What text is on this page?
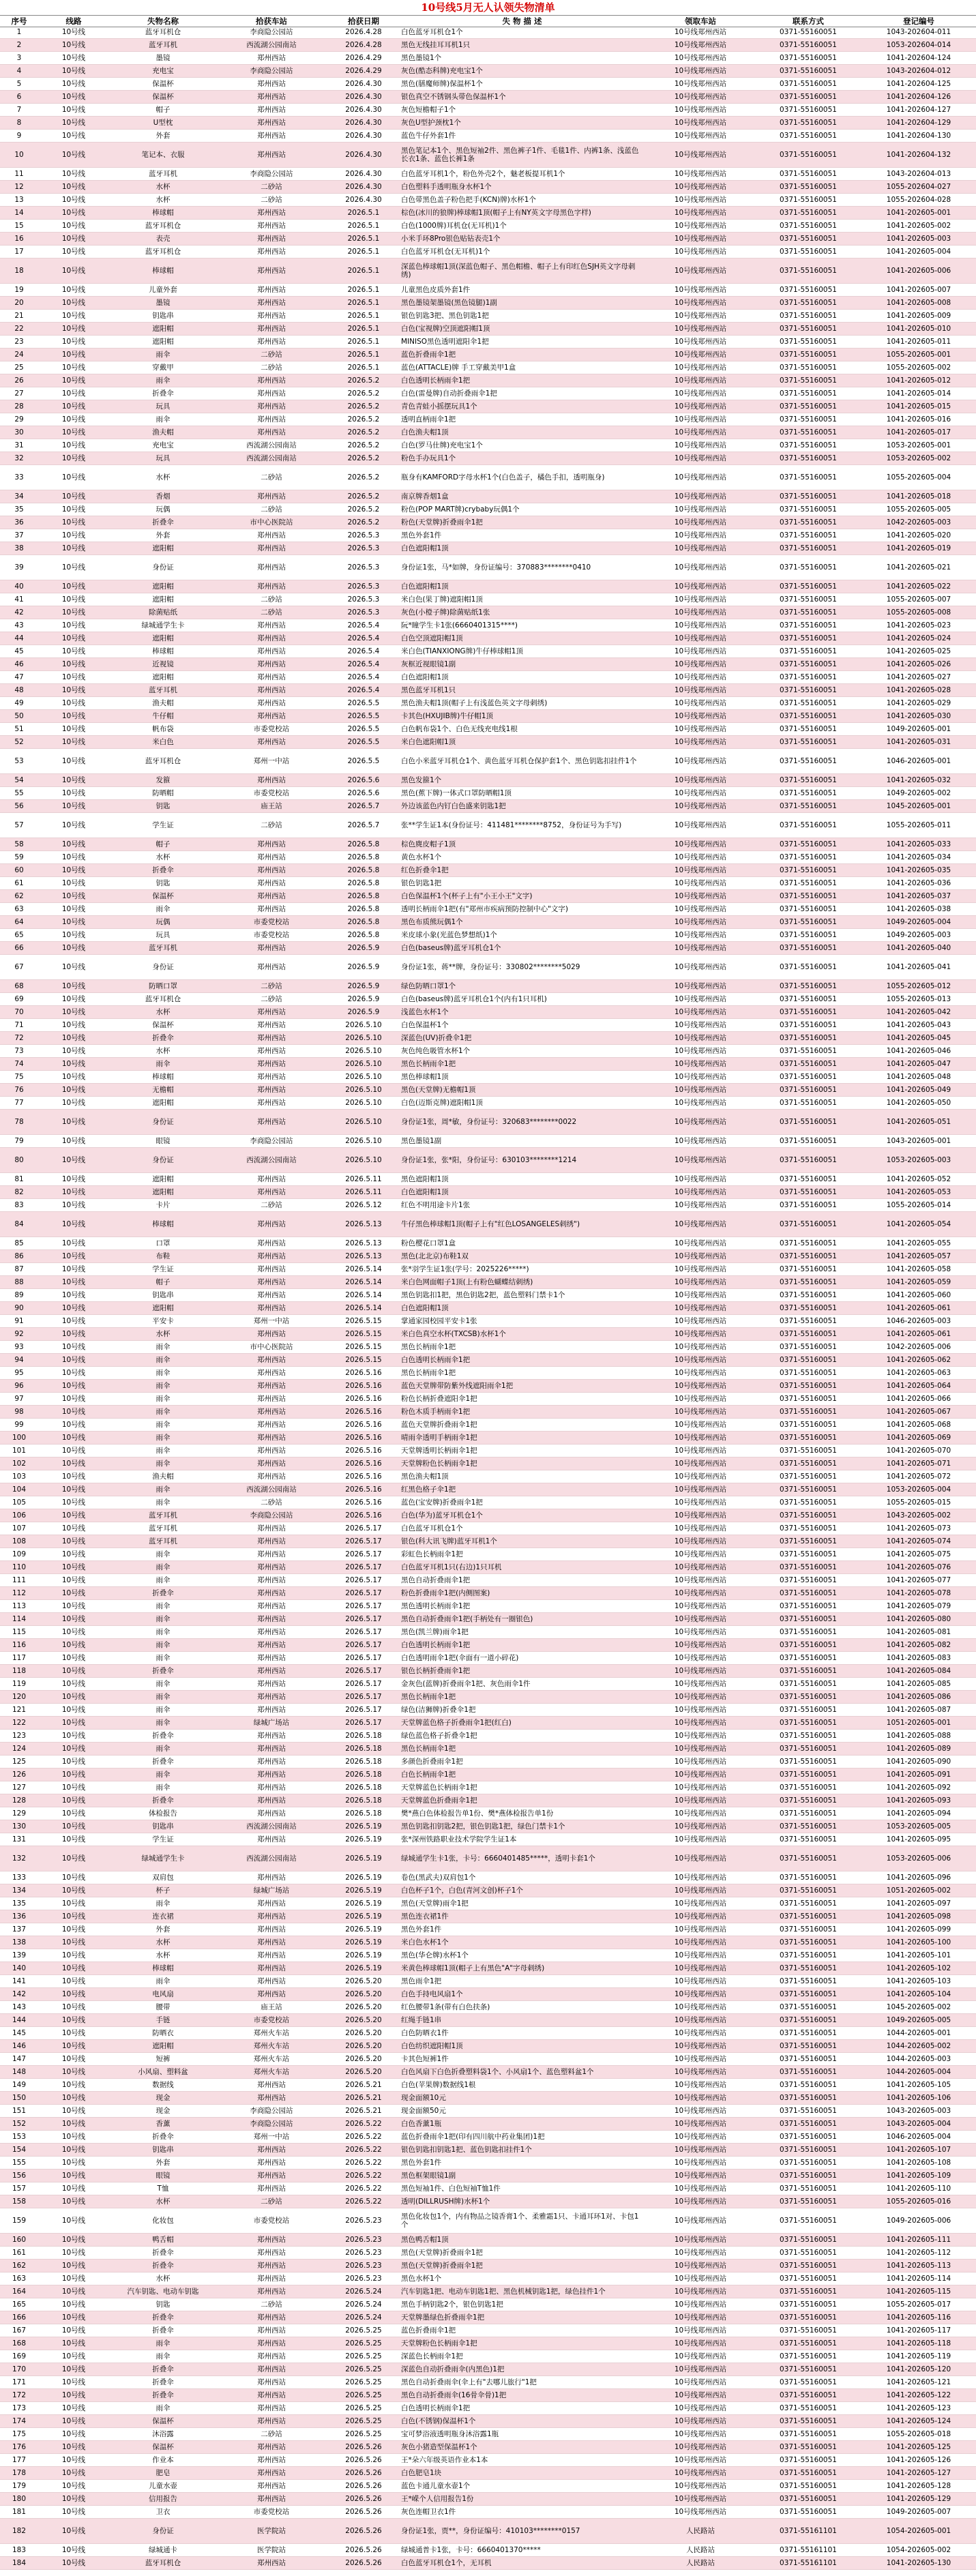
10号线5月无人认领失物清单
序号	线路	失物名称	拾获车站	拾获日期	失 物 描 述	领取车站	联系方式	登记编号
1	10号线	蓝牙耳机仓	李商隐公园站	2026.4.28	白色蓝牙耳机仓1个	10号线郑州西站	0371-55160051	1043-202604-011
2	10号线	蓝牙耳机	西流湖公园南站	2026.4.28	黑色无线挂耳耳机1只	10号线郑州西站	0371-55160051	1053-202604-014
3	10号线	墨镜	郑州西站	2026.4.29	黑色墨镜1个	10号线郑州西站	0371-55160051	1041-202604-124
4	10号线	充电宝	李商隐公园站	2026.4.29	灰色(酷态科牌)充电宝1个	10号线郑州西站	0371-55160051	1043-202604-012
5	10号线	保温杯	郑州西站	2026.4.30	黑色(膳魔师牌)保温杯1个	10号线郑州西站	0371-55160051	1041-202604-125
6	10号线	保温杯	郑州西站	2026.4.30	银色真空不锈钢头带色保温杯1个	10号线郑州西站	0371-55160051	1041-202604-126
7	10号线	帽子	郑州西站	2026.4.30	灰色短檐帽子1个	10号线郑州西站	0371-55160051	1041-202604-127
8	10号线	U型枕	郑州西站	2026.4.30	灰色U型护颈枕1个	10号线郑州西站	0371-55160051	1041-202604-129
9	10号线	外套	郑州西站	2026.4.30	蓝色牛仔外套1件	10号线郑州西站	0371-55160051	1041-202604-130
10	10号线	笔记本、衣服	郑州西站	2026.4.30	黑色笔记本1个、黑色短袖2件、黑色裤子1件、毛毯1件、内裤1条、浅蓝色长衣1条、蓝色长裤1条	10号线郑州西站	0371-55160051	1041-202604-132
11	10号线	蓝牙耳机	李商隐公园站	2026.4.30	白色蓝牙耳机1个，粉色外壳2个，魅老板提耳机1个	10号线郑州西站	0371-55160051	1043-202604-013
12	10号线	水杯	二砂站	2026.4.30	白色塑料手透明瓶身水杯1个	10号线郑州西站	0371-55160051	1055-202604-027
13	10号线	水杯	二砂站	2026.4.30	白色带黑色盖子粉色把手(KCN)牌)水杯1个	10号线郑州西站	0371-55160051	1055-202604-028
14	10号线	棒球帽	郑州西站	2026.5.1	棕色(冰川的狼牌)棒球帽1顶(帽子上有NY英文字母黑色字样)	10号线郑州西站	0371-55160051	1041-202605-001
15	10号线	蓝牙耳机仓	郑州西站	2026.5.1	白色(1000牌)耳机仓(无耳机)1个	10号线郑州西站	0371-55160051	1041-202605-002
16	10号线	表壳	郑州西站	2026.5.1	小米手环8Pro银色贴钻表壳1个	10号线郑州西站	0371-55160051	1041-202605-003
17	10号线	蓝牙耳机仓	郑州西站	2026.5.1	白色蓝牙耳机仓(无耳机)1个	10号线郑州西站	0371-55160051	1041-202605-004
18	10号线	棒球帽	郑州西站	2026.5.1	深蓝色棒球帽1顶(深蓝色帽子、黑色帽檐、帽子上有印红色SJH英文字母刺绣)	10号线郑州西站	0371-55160051	1041-202605-006
19	10号线	儿童外套	郑州西站	2026.5.1	儿童黑色皮质外套1件	10号线郑州西站	0371-55160051	1041-202605-007
20	10号线	墨镜	郑州西站	2026.5.1	黑色墨镜架墨镜(黑色镜腿)1副	10号线郑州西站	0371-55160051	1041-202605-008
21	10号线	钥匙串	郑州西站	2026.5.1	银色钥匙3把、黑色钥匙1把	10号线郑州西站	0371-55160051	1041-202605-009
22	10号线	遮阳帽	郑州西站	2026.5.1	白色(宝视牌)空顶遮阳帽1顶	10号线郑州西站	0371-55160051	1041-202605-010
23	10号线	遮阳帽	郑州西站	2026.5.1	MINISO黑色透明遮阳伞1把	10号线郑州西站	0371-55160051	1041-202605-011
24	10号线	雨伞	二砂站	2026.5.1	蓝色折叠雨伞1把	10号线郑州西站	0371-55160051	1055-202605-001
25	10号线	穿戴甲	二砂站	2026.5.1	蓝色(ATTACLE)牌 手工穿戴美甲1盒	10号线郑州西站	0371-55160051	1055-202605-002
26	10号线	雨伞	郑州西站	2026.5.2	白色透明长柄雨伞1把	10号线郑州西站	0371-55160051	1041-202605-012
27	10号线	折叠伞	郑州西站	2026.5.2	白色(雷曼牌)自动折叠雨伞1把	10号线郑州西站	0371-55160051	1041-202605-014
28	10号线	玩具	郑州西站	2026.5.2	青色青蛙小摇摆玩具1个	10号线郑州西站	0371-55160051	1041-202605-015
29	10号线	雨伞	郑州西站	2026.5.2	透明直柄雨伞1把	10号线郑州西站	0371-55160051	1041-202605-016
30	10号线	渔夫帽	郑州西站	2026.5.2	白色渔夫帽1顶	10号线郑州西站	0371-55160051	1041-202605-017
31	10号线	充电宝	西流湖公园南站	2026.5.2	白色(罗马仕牌)充电宝1个	10号线郑州西站	0371-55160051	1053-202605-001
32	10号线	玩具	西流湖公园南站	2026.5.2	粉色手办玩具1个	10号线郑州西站	0371-55160051	1053-202605-002
33	10号线	水杯	二砂站	2026.5.2	瓶身有KAMFORD字母水杯1个(白色盖子，橘色手扣，透明瓶身)	10号线郑州西站	0371-55160051	1055-202605-004
34	10号线	香烟	郑州西站	2026.5.2	南京牌香烟1盒	10号线郑州西站	0371-55160051	1041-202605-018
35	10号线	玩偶	二砂站	2026.5.2	粉色(POP MART牌)crybaby玩偶1个	10号线郑州西站	0371-55160051	1055-202605-005
36	10号线	折叠伞	市中心医院站	2026.5.2	粉色(天堂牌)折叠雨伞1把	10号线郑州西站	0371-55160051	1042-202605-003
37	10号线	外套	郑州西站	2026.5.3	黑色外套1件	10号线郑州西站	0371-55160051	1041-202605-020
38	10号线	遮阳帽	郑州西站	2026.5.3	白色遮阳帽1顶	10号线郑州西站	0371-55160051	1041-202605-019
39	10号线	身份证	郑州西站	2026.5.3	身份证1张，马*如牌，身份证编号：370883********0410	10号线郑州西站	0371-55160051	1041-202605-021
40	10号线	遮阳帽	郑州西站	2026.5.3	白色遮阳帽1顶	10号线郑州西站	0371-55160051	1041-202605-022
41	10号线	遮阳帽	二砂站	2026.5.3	米白色(果丁牌)遮阳帽1顶	10号线郑州西站	0371-55160051	1055-202605-007
42	10号线	除菌贴纸	二砂站	2026.5.3	灰色(小橙子牌)除菌贴纸1张	10号线郑州西站	0371-55160051	1055-202605-008
43	10号线	绿城通学生卡	郑州西站	2026.5.4	阮*瞳学生卡1张(6660401315****)	10号线郑州西站	0371-55160051	1041-202605-023
44	10号线	遮阳帽	郑州西站	2026.5.4	白色空顶遮阳帽1顶	10号线郑州西站	0371-55160051	1041-202605-024
45	10号线	棒球帽	郑州西站	2026.5.4	米白色(TIANXIONG牌)牛仔棒球帽1顶	10号线郑州西站	0371-55160051	1041-202605-025
46	10号线	近视镜	郑州西站	2026.5.4	灰框近视眼镜1副	10号线郑州西站	0371-55160051	1041-202605-026
47	10号线	遮阳帽	郑州西站	2026.5.4	白色遮阳帽1顶	10号线郑州西站	0371-55160051	1041-202605-027
48	10号线	蓝牙耳机	郑州西站	2026.5.4	黑色蓝牙耳机1只	10号线郑州西站	0371-55160051	1041-202605-028
49	10号线	渔夫帽	郑州西站	2026.5.5	黑色渔夫帽1顶(帽子上有浅蓝色英文字母刺绣)	10号线郑州西站	0371-55160051	1041-202605-029
50	10号线	牛仔帽	郑州西站	2026.5.5	卡其色(HXUJIB牌)牛仔帽1顶	10号线郑州西站	0371-55160051	1041-202605-030
51	10号线	帆布袋	市委党校站	2026.5.5	白色帆布袋1个、白色无线充电线1根	10号线郑州西站	0371-55160051	1049-202605-001
52	10号线	米白色	郑州西站	2026.5.5	米白色遮阳帽1顶	10号线郑州西站	0371-55160051	1041-202605-031
53	10号线	蓝牙耳机仓	郑州一中站	2026.5.5	白色小米蓝牙耳机仓1个、黄色蓝牙耳机仓保护套1个、黑色钥匙扣挂件1个	10号线郑州西站	0371-55160051	1046-202605-001
54	10号线	发箍	郑州西站	2026.5.6	黑色发箍1个	10号线郑州西站	0371-55160051	1041-202605-032
55	10号线	防晒帽	市委党校站	2026.5.6	黑色(蕉下牌)一体式口罩防晒帽1顶	10号线郑州西站	0371-55160051	1049-202605-002
56	10号线	钥匙	庙王站	2026.5.7	外边该蓝色内钉白色盛来钥匙1把	10号线郑州西站	0371-55160051	1045-202605-001
57	10号线	学生证	二砂站	2026.5.7	张**学生证1本(身份证号：411481********8752，身份证号为手写)	10号线郑州西站	0371-55160051	1055-202605-011
58	10号线	帽子	郑州西站	2026.5.8	棕色麂皮帽子1顶	10号线郑州西站	0371-55160051	1041-202605-033
59	10号线	水杯	郑州西站	2026.5.8	黄色水杯1个	10号线郑州西站	0371-55160051	1041-202605-034
60	10号线	折叠伞	郑州西站	2026.5.8	红色折叠伞1把	10号线郑州西站	0371-55160051	1041-202605-035
61	10号线	钥匙	郑州西站	2026.5.8	银色钥匙1把	10号线郑州西站	0371-55160051	1041-202605-036
62	10号线	保温杯	郑州西站	2026.5.8	白色保温杯1个(杯子上有"小王小王"文字)	10号线郑州西站	0371-55160051	1041-202605-037
63	10号线	雨伞	郑州西站	2026.5.8	透明长柄雨伞1把(有"郑州市疾病预防控制中心"文字)	10号线郑州西站	0371-55160051	1041-202605-038
64	10号线	玩偶	市委党校站	2026.5.8	黑色布质熊玩偶1个	10号线郑州西站	0371-55160051	1049-202605-004
65	10号线	玩具	市委党校站	2026.5.8	米皮球小象(光蓝色梦想纸)1个	10号线郑州西站	0371-55160051	1049-202605-003
66	10号线	蓝牙耳机	郑州西站	2026.5.9	白色(baseus牌)蓝牙耳机仓1个	10号线郑州西站	0371-55160051	1041-202605-040
67	10号线	身份证	郑州西站	2026.5.9	身份证1张，蒋**牌，身份证号：330802********5029	10号线郑州西站	0371-55160051	1041-202605-041
68	10号线	防晒口罩	二砂站	2026.5.9	绿色防晒口罩1个	10号线郑州西站	0371-55160051	1055-202605-012
69	10号线	蓝牙耳机仓	二砂站	2026.5.9	白色(baseus牌)蓝牙耳机仓1个(内有1只耳机)	10号线郑州西站	0371-55160051	1055-202605-013
70	10号线	水杯	郑州西站	2026.5.9	浅蓝色水杯1个	10号线郑州西站	0371-55160051	1041-202605-042
71	10号线	保温杯	郑州西站	2026.5.10	白色保温杯1个	10号线郑州西站	0371-55160051	1041-202605-043
72	10号线	折叠伞	郑州西站	2026.5.10	深蓝色(UV)折叠伞1把	10号线郑州西站	0371-55160051	1041-202605-045
73	10号线	水杯	郑州西站	2026.5.10	灰色纯色吸管水杯1个	10号线郑州西站	0371-55160051	1041-202605-046
74	10号线	雨伞	郑州西站	2026.5.10	黑色长柄雨伞1把	10号线郑州西站	0371-55160051	1041-202605-047
75	10号线	棒球帽	郑州西站	2026.5.10	黑色棒球帽1顶	10号线郑州西站	0371-55160051	1041-202605-048
76	10号线	无檐帽	郑州西站	2026.5.10	黑色(天堂牌)无檐帽1顶	10号线郑州西站	0371-55160051	1041-202605-049
77	10号线	遮阳帽	郑州西站	2026.5.10	白色(迈斯克牌)遮阳帽1顶	10号线郑州西站	0371-55160051	1041-202605-050
78	10号线	身份证	郑州西站	2026.5.10	身份证1张，周*敏，身份证号：320683********0022	10号线郑州西站	0371-55160051	1041-202605-051
79	10号线	眼镜	李商隐公园站	2026.5.10	黑色墨镜1副	10号线郑州西站	0371-55160051	1043-202605-001
80	10号线	身份证	西流湖公园南站	2026.5.10	身份证1张，张*阳，身份证号：630103********1214	10号线郑州西站	0371-55160051	1053-202605-003
81	10号线	遮阳帽	郑州西站	2026.5.11	黑色遮阳帽1顶	10号线郑州西站	0371-55160051	1041-202605-052
82	10号线	遮阳帽	郑州西站	2026.5.11	白色遮阳帽1顶	10号线郑州西站	0371-55160051	1041-202605-053
83	10号线	卡片	二砂站	2026.5.12	红色不明用途卡片1张	10号线郑州西站	0371-55160051	1055-202605-014
84	10号线	棒球帽	郑州西站	2026.5.13	牛仔黑色棒球帽1顶(帽子上有"红色LOSANGELES刺绣")	10号线郑州西站	0371-55160051	1041-202605-054
85	10号线	口罩	郑州西站	2026.5.13	粉色樱花口罩1盒	10号线郑州西站	0371-55160051	1041-202605-055
86	10号线	布鞋	郑州西站	2026.5.13	黑色(北北京)布鞋1双	10号线郑州西站	0371-55160051	1041-202605-057
87	10号线	学生证	郑州西站	2026.5.14	张*羽学生证1张(学号：2025226*****)	10号线郑州西站	0371-55160051	1041-202605-058
88	10号线	帽子	郑州西站	2026.5.14	米白色网面帽子1顶(上有粉色蝴蝶结刺绣)	10号线郑州西站	0371-55160051	1041-202605-059
89	10号线	钥匙串	郑州西站	2026.5.14	黑色钥匙扣1把，黑色钥匙2把，蓝色塑料门禁卡1个	10号线郑州西站	0371-55160051	1041-202605-060
90	10号线	遮阳帽	郑州西站	2026.5.14	白色遮阳帽1顶	10号线郑州西站	0371-55160051	1041-202605-061
91	10号线	平安卡	郑州一中站	2026.5.15	掌通家园校园平安卡1张	10号线郑州西站	0371-55160051	1046-202605-003
92	10号线	水杯	郑州西站	2026.5.15	米白色真空水杯(TXCSB)水杯1个	10号线郑州西站	0371-55160051	1041-202605-061
93	10号线	雨伞	市中心医院站	2026.5.15	黑色长柄雨伞1把	10号线郑州西站	0371-55160051	1042-202605-006
94	10号线	雨伞	郑州西站	2026.5.15	白色透明长柄雨伞1把	10号线郑州西站	0371-55160051	1041-202605-062
95	10号线	雨伞	郑州西站	2026.5.16	黑色长柄雨伞1把	10号线郑州西站	0371-55160051	1041-202605-063
96	10号线	雨伞	郑州西站	2026.5.16	蓝色天堂牌带防紫外线遮阳雨伞1把	10号线郑州西站	0371-55160051	1041-202605-064
97	10号线	雨伞	郑州西站	2026.5.16	粉色长柄折叠遮阳伞1把	10号线郑州西站	0371-55160051	1041-202605-066
98	10号线	雨伞	郑州西站	2026.5.16	粉色木质手柄雨伞1把	10号线郑州西站	0371-55160051	1041-202605-067
99	10号线	雨伞	郑州西站	2026.5.16	蓝色天堂牌折叠雨伞1把	10号线郑州西站	0371-55160051	1041-202605-068
100	10号线	雨伞	郑州西站	2026.5.16	晴雨伞透明手柄雨伞1把	10号线郑州西站	0371-55160051	1041-202605-069
101	10号线	雨伞	郑州西站	2026.5.16	天堂牌透明长柄雨伞1把	10号线郑州西站	0371-55160051	1041-202605-070
102	10号线	雨伞	郑州西站	2026.5.16	天堂牌粉色长柄雨伞1把	10号线郑州西站	0371-55160051	1041-202605-071
103	10号线	渔夫帽	郑州西站	2026.5.16	黑色渔夫帽1顶	10号线郑州西站	0371-55160051	1041-202605-072
104	10号线	雨伞	西流湖公园南站	2026.5.16	红黑色格子伞1把	10号线郑州西站	0371-55160051	1053-202605-004
105	10号线	雨伞	二砂站	2026.5.16	蓝色(宝安牌)折叠雨伞1把	10号线郑州西站	0371-55160051	1055-202605-015
106	10号线	蓝牙耳机	李商隐公园站	2026.5.16	白色(华为)蓝牙耳机仓1个	10号线郑州西站	0371-55160051	1043-202605-002
107	10号线	蓝牙耳机	郑州西站	2026.5.17	白色蓝牙耳机仓1个	10号线郑州西站	0371-55160051	1041-202605-073
108	10号线	蓝牙耳机	郑州西站	2026.5.17	银色(科大讯飞牌)蓝牙耳机1个	10号线郑州西站	0371-55160051	1041-202605-074
109	10号线	雨伞	郑州西站	2026.5.17	彩虹色长柄雨伞1把	10号线郑州西站	0371-55160051	1041-202605-075
110	10号线	雨伞	郑州西站	2026.5.17	白色蓝牙耳机1只(右边)1只耳机	10号线郑州西站	0371-55160051	1041-202605-076
111	10号线	雨伞	郑州西站	2026.5.17	黑色自动折叠雨伞1把	10号线郑州西站	0371-55160051	1041-202605-077
112	10号线	折叠伞	郑州西站	2026.5.17	粉色折叠雨伞1把(内侧图案)	10号线郑州西站	0371-55160051	1041-202605-078
113	10号线	雨伞	郑州西站	2026.5.17	黑色透明长柄雨伞1把	10号线郑州西站	0371-55160051	1041-202605-079
114	10号线	雨伞	郑州西站	2026.5.17	黑色自动折叠雨伞1把(手柄处有一圈银色)	10号线郑州西站	0371-55160051	1041-202605-080
115	10号线	雨伞	郑州西站	2026.5.17	黑色(凯兰牌)雨伞1把	10号线郑州西站	0371-55160051	1041-202605-081
116	10号线	雨伞	郑州西站	2026.5.17	白色透明长柄雨伞1把	10号线郑州西站	0371-55160051	1041-202605-082
117	10号线	雨伞	郑州西站	2026.5.17	白色透明雨伞1把(伞面有一道小碎花)	10号线郑州西站	0371-55160051	1041-202605-083
118	10号线	折叠伞	郑州西站	2026.5.17	银色长柄折叠雨伞1把	10号线郑州西站	0371-55160051	1041-202605-084
119	10号线	雨伞	郑州西站	2026.5.17	金灰色(蓝牌)折叠雨伞1把、灰色雨伞1件	10号线郑州西站	0371-55160051	1041-202605-085
120	10号线	雨伞	郑州西站	2026.5.17	黑色长柄雨伞1把	10号线郑州西站	0371-55160051	1041-202605-086
121	10号线	雨伞	郑州西站	2026.5.17	绿色(洁狮牌)折叠伞1把	10号线郑州西站	0371-55160051	1041-202605-087
122	10号线	雨伞	绿城广场站	2026.5.17	天堂牌蓝色格子折叠雨伞1把(红白)	10号线郑州西站	0371-55160051	1051-202605-001
123	10号线	折叠伞	郑州西站	2026.5.18	绿色蓝色格子折叠伞1把	10号线郑州西站	0371-55160051	1041-202605-088
124	10号线	雨伞	郑州西站	2026.5.18	黑色长柄雨伞1把	10号线郑州西站	0371-55160051	1041-202605-089
125	10号线	折叠伞	郑州西站	2026.5.18	多颜色折叠雨伞1把	10号线郑州西站	0371-55160051	1041-202605-090
126	10号线	雨伞	郑州西站	2026.5.18	白色长柄雨伞1把	10号线郑州西站	0371-55160051	1041-202605-091
127	10号线	雨伞	郑州西站	2026.5.18	天堂牌蓝色长柄雨伞1把	10号线郑州西站	0371-55160051	1041-202605-092
128	10号线	折叠伞	郑州西站	2026.5.18	天堂牌蓝色折叠雨伞1把	10号线郑州西站	0371-55160051	1041-202605-093
129	10号线	体检报告	郑州西站	2026.5.18	樊*燕白色体检报告单1份、樊*燕体检报告单1份	10号线郑州西站	0371-55160051	1041-202605-094
130	10号线	钥匙串	西流湖公园南站	2026.5.19	黑色钥匙扣钥匙2把，银色钥匙1把，绿色门禁卡1个	10号线郑州西站	0371-55160051	1053-202605-005
131	10号线	学生证	郑州西站	2026.5.19	张*深州铁路职业技术学院学生证1本	10号线郑州西站	0371-55160051	1041-202605-095
132	10号线	绿城通学生卡	西流湖公园南站	2026.5.19	绿城通学生卡1张，卡号：6660401485*****，透明卡套1个	10号线郑州西站	0371-55160051	1053-202605-006
133	10号线	双肩包	郑州西站	2026.5.19	卷色(黑武夫)双肩包1个	10号线郑州西站	0371-55160051	1041-202605-096
134	10号线	杯子	绿城广场站	2026.5.19	白色杯子1个，白色(青河文创)杯子1个	10号线郑州西站	0371-55160051	1051-202605-002
135	10号线	雨伞	郑州西站	2026.5.19	黑色(天堂牌)雨伞1把	10号线郑州西站	0371-55160051	1041-202605-097
136	10号线	连衣裙	郑州西站	2026.5.19	黑色连衣裙1件	10号线郑州西站	0371-55160051	1041-202605-098
137	10号线	外套	郑州西站	2026.5.19	黑色外套1件	10号线郑州西站	0371-55160051	1041-202605-099
138	10号线	水杯	郑州西站	2026.5.19	米白色水杯1个	10号线郑州西站	0371-55160051	1041-202605-100
139	10号线	水杯	郑州西站	2026.5.19	黑色(华仑牌)水杯1个	10号线郑州西站	0371-55160051	1041-202605-101
140	10号线	棒球帽	郑州西站	2026.5.19	米黄色棒球帽1顶(帽子上有黑色"A"字母刺绣)	10号线郑州西站	0371-55160051	1041-202605-102
141	10号线	雨伞	郑州西站	2026.5.20	黑色雨伞1把	10号线郑州西站	0371-55160051	1041-202605-103
142	10号线	电风扇	郑州西站	2026.5.20	白色手持电风扇1个	10号线郑州西站	0371-55160051	1041-202605-104
143	10号线	腰带	庙王站	2026.5.20	红色腰带1条(带有白色扶条)	10号线郑州西站	0371-55160051	1045-202605-002
144	10号线	手链	市委党校站	2026.5.20	红绳手链1串	10号线郑州西站	0371-55160051	1049-202605-005
145	10号线	防晒衣	郑州火车站	2026.5.20	白色防晒衣1件	10号线郑州西站	0371-55160051	1044-202605-001
146	10号线	遮阳帽	郑州火车站	2026.5.20	白色纺织遮阳帽1顶	10号线郑州西站	0371-55160051	1044-202605-002
147	10号线	短裤	郑州火车站	2026.5.20	卡其色短裤1件	10号线郑州西站	0371-55160051	1044-202605-003
148	10号线	小风扇、塑料盆	郑州火车站	2026.5.20	白色风扇下白色折叠塑料袋1个、小风扇1个、蓝色塑料盆1个	10号线郑州西站	0371-55160051	1044-202605-004
149	10号线	数据线	郑州西站	2026.5.21	白色(苹果牌)数据线1根	10号线郑州西站	0371-55160051	1041-202605-105
150	10号线	现金	郑州西站	2026.5.21	现金面额10元	10号线郑州西站	0371-55160051	1041-202605-106
151	10号线	现金	李商隐公园站	2026.5.21	现金面额50元	10号线郑州西站	0371-55160051	1043-202605-003
152	10号线	香薰	李商隐公园站	2026.5.22	白色香薰1瓶	10号线郑州西站	0371-55160051	1043-202605-004
153	10号线	折叠伞	郑州一中站	2026.5.22	蓝色折叠雨伞1把(印有四川航中药业集团)1把	10号线郑州西站	0371-55160051	1046-202605-004
154	10号线	钥匙串	郑州西站	2026.5.22	银色钥匙扣钥匙1把、蓝色钥匙扣挂件1个	10号线郑州西站	0371-55160051	1041-202605-107
155	10号线	外套	郑州西站	2026.5.22	黑色外套1件	10号线郑州西站	0371-55160051	1041-202605-108
156	10号线	眼镜	郑州西站	2026.5.22	黑色框架眼镜1副	10号线郑州西站	0371-55160051	1041-202605-109
157	10号线	T恤	郑州西站	2026.5.22	黑色短袖1件、白色短袖T恤1件	10号线郑州西站	0371-55160051	1041-202605-110
158	10号线	水杯	二砂站	2026.5.22	透明(DILLRUSH牌)水杯1个	10号线郑州西站	0371-55160051	1055-202605-016
159	10号线	化妆包	市委党校站	2026.5.23	黑色化妆包1个，内有物品之镜香膏1个、柔雅霜1只、卡通耳环1对、卡包1个	10号线郑州西站	0371-55160051	1049-202605-006
160	10号线	鸭舌帽	郑州西站	2026.5.23	黑色鸭舌帽1顶	10号线郑州西站	0371-55160051	1041-202605-111
161	10号线	折叠伞	郑州西站	2026.5.23	黑色(天堂牌)折叠雨伞1把	10号线郑州西站	0371-55160051	1041-202605-112
162	10号线	折叠伞	郑州西站	2026.5.23	黑色(天堂牌)折叠雨伞1把	10号线郑州西站	0371-55160051	1041-202605-113
163	10号线	水杯	郑州西站	2026.5.23	黑色水杯1个	10号线郑州西站	0371-55160051	1041-202605-114
164	10号线	汽车钥匙、电动车钥匙	郑州西站	2026.5.24	汽车钥匙1把、电动车钥匙1把、黑色机械钥匙1把，绿色挂件1个	10号线郑州西站	0371-55160051	1041-202605-115
165	10号线	钥匙	二砂站	2026.5.24	黑色手柄钥匙2个，银色钥匙1把	10号线郑州西站	0371-55160051	1055-202605-017
166	10号线	折叠伞	郑州西站	2026.5.24	天堂牌墨绿色折叠雨伞1把	10号线郑州西站	0371-55160051	1041-202605-116
167	10号线	折叠伞	郑州西站	2026.5.25	蓝色折叠雨伞1把	10号线郑州西站	0371-55160051	1041-202605-117
168	10号线	雨伞	郑州西站	2026.5.25	天堂牌粉色长柄雨伞1把	10号线郑州西站	0371-55160051	1041-202605-118
169	10号线	雨伞	郑州西站	2026.5.25	深蓝色长柄雨伞1把	10号线郑州西站	0371-55160051	1041-202605-119
170	10号线	折叠伞	郑州西站	2026.5.25	深蓝色自动折叠雨伞(内黑色)1把	10号线郑州西站	0371-55160051	1041-202605-120
171	10号线	折叠伞	郑州西站	2026.5.25	黑色自动折叠雨伞(伞上有"去哪儿旅行"1把	10号线郑州西站	0371-55160051	1041-202605-121
172	10号线	折叠伞	郑州西站	2026.5.25	黑色自动折叠雨伞(16骨伞骨)1把	10号线郑州西站	0371-55160051	1041-202605-122
173	10号线	雨伞	郑州西站	2026.5.25	白色透明长柄雨伞1把	10号线郑州西站	0371-55160051	1041-202605-123
174	10号线	保温杯	郑州西站	2026.5.25	白色(不锈钢)保温杯1个	10号线郑州西站	0371-55160051	1041-202605-124
175	10号线	沐浴露	二砂站	2026.5.25	宝可梦浴液透明瓶身沐浴露1瓶	10号线郑州西站	0371-55160051	1055-202605-018
176	10号线	保温杯	郑州西站	2026.5.26	灰色小猪造型保温杯1个	10号线郑州西站	0371-55160051	1041-202605-125
177	10号线	作业本	郑州西站	2026.5.26	王*朵六年级英语作业本1本	10号线郑州西站	0371-55160051	1041-202605-126
178	10号线	肥皂	郑州西站	2026.5.26	白色肥皂1块	10号线郑州西站	0371-55160051	1041-202605-127
179	10号线	儿童水壶	郑州西站	2026.5.26	蓝色卡通儿童水壶1个	10号线郑州西站	0371-55160051	1041-202605-128
180	10号线	信用报告	郑州西站	2026.5.26	王*嵘个人信用报告1份	10号线郑州西站	0371-55160051	1041-202605-129
181	10号线	卫衣	市委党校站	2026.5.26	灰色连帽卫衣1件	10号线郑州西站	0371-55160051	1049-202605-007
182	10号线	身份证	医学院站	2026.5.26	身份证1张，贾**，身份证编号：410103********0157	人民路站	0371-55161101	1054-202605-001
183	10号线	绿城通卡	医学院站	2026.5.26	绿城通普卡1张，卡号：6660401370*****	人民路站	0371-55161101	1054-202605-002
184	10号线	蓝牙耳机仓	郑州西站	2026.5.26	白色蓝牙耳机仓1个，无耳机	人民路站	0371-55161101	1041-202605-130
